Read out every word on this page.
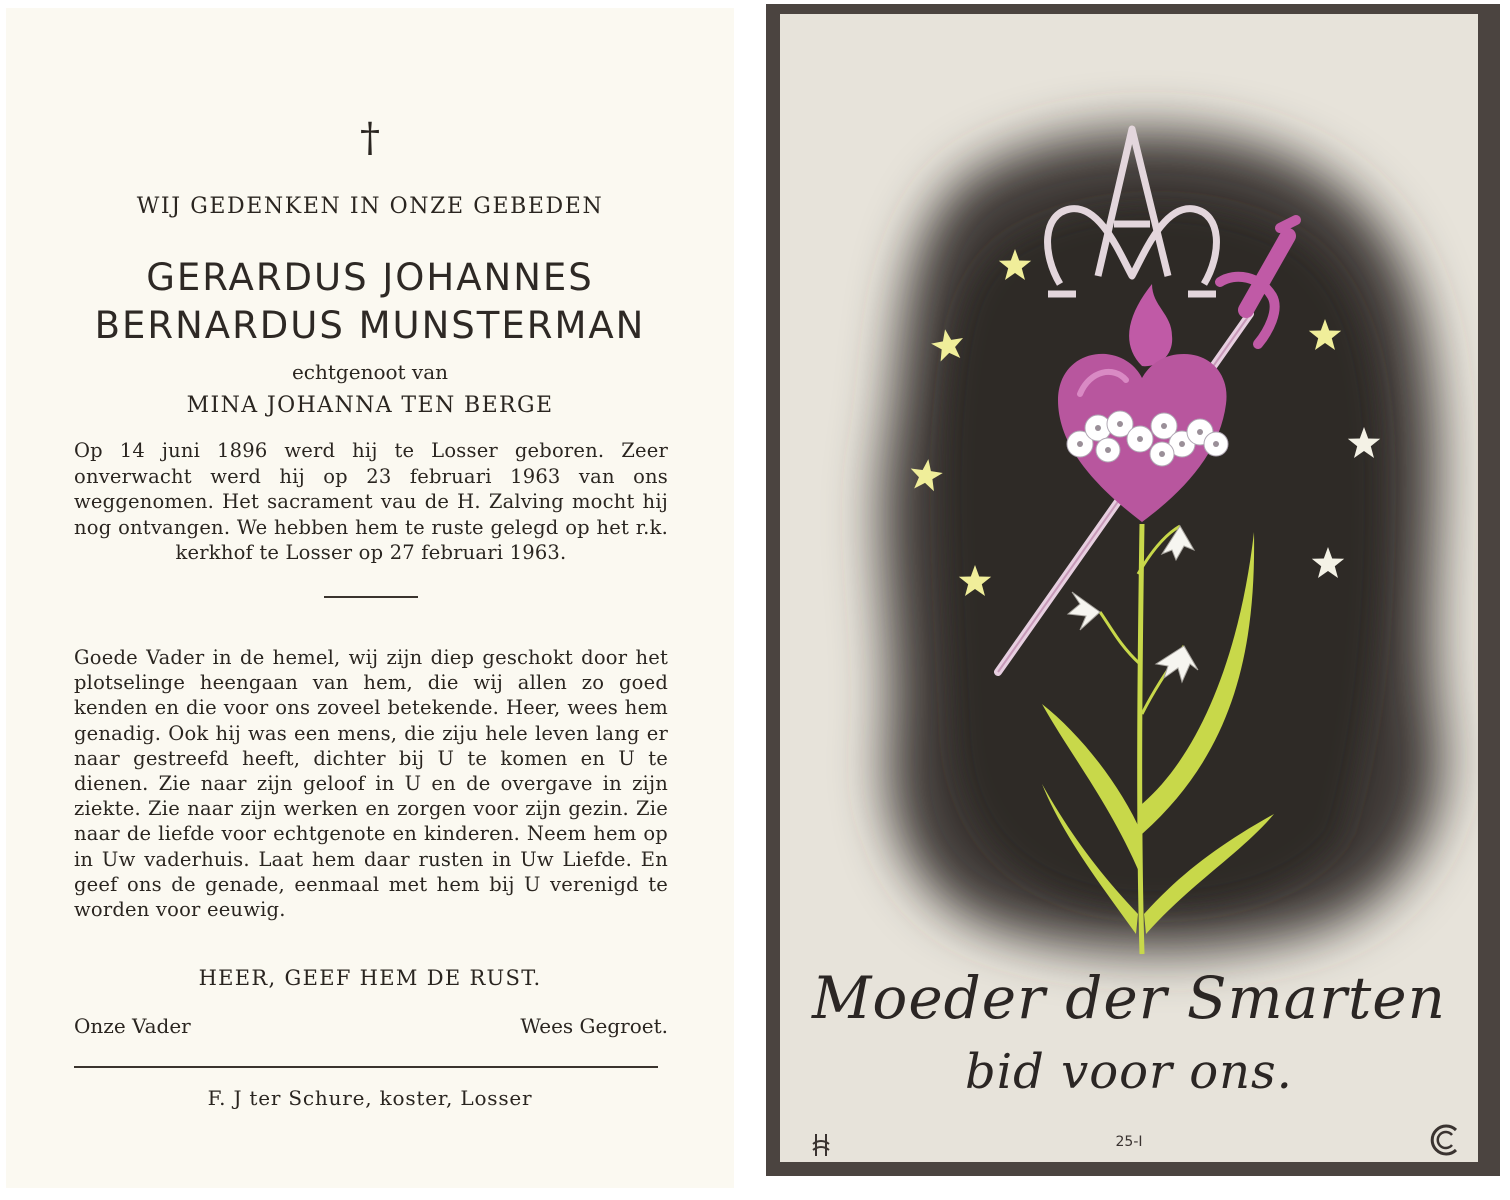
†
WIJ GEDENKEN IN ONZE GEBEDEN
GERARDUS JOHANNES
BERNARDUS MUNSTERMAN
echtgenoot van
MINA JOHANNA TEN BERGE

Op 14 juni 1896 werd hij te Losser geboren. Zeer onverwacht werd hij op 23 februari 1963 van ons weggenomen. Het sacrament vau de H. Zalving mocht hij nog ontvangen. We hebben hem te ruste gelegd op het r.k. kerkhof te Losser op 27 februari 1963.

Goede Vader in de hemel, wij zijn diep geschokt door het plotselinge heengaan van hem, die wij allen zo goed kenden en die voor ons zoveel betekende. Heer, wees hem genadig. Ook hij was een mens, die ziju hele leven lang er naar gestreefd heeft, dichter bij U te komen en U te dienen. Zie naar zijn geloof in U en de overgave in zijn ziekte. Zie naar zijn werken en zorgen voor zijn gezin. Zie naar de liefde voor echtgenote en kinderen. Neem hem op in Uw vaderhuis. Laat hem daar rusten in Uw Liefde. En geef ons de genade, eenmaal met hem bij U verenigd te worden voor eeuwig.

HEER, GEEF HEM DE RUST.
Onze Vader	Wees Gegroet.
F. J ter Schure, koster, Losser
Moeder der Smarten
bid voor ons.
25-I
